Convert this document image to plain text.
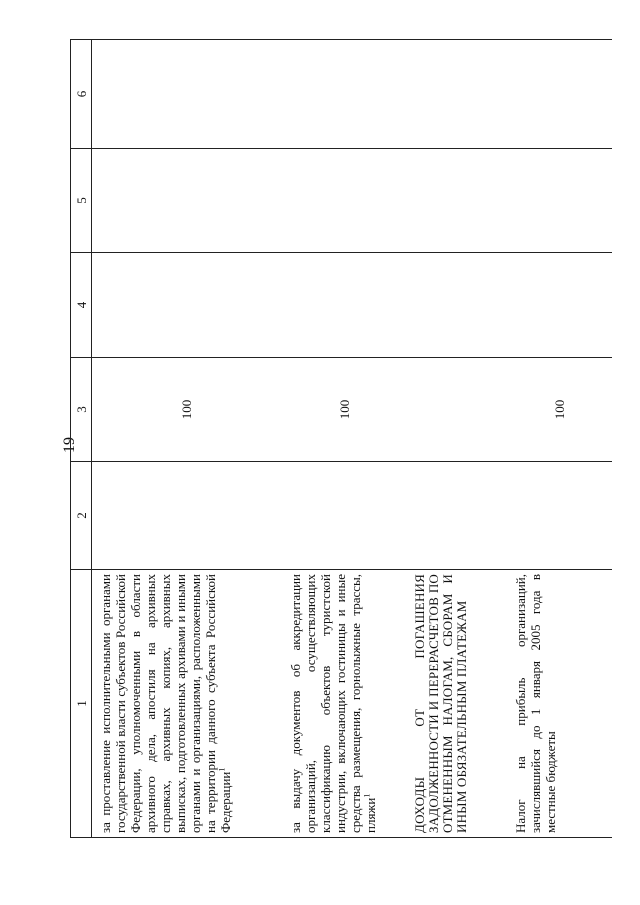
19
1	2	3	4	5	6

за проставление исполнительными органами государственной власти субъектов Российской Федерации, уполномоченными в области архивного дела, апостиля на архивных справках, архивных копиях, архивных выписках, подготовленных архивами и иными органами и организациями, расположенными на территории данного субъекта Российской Федерации$^1$		100			

за выдачу документов об аккредитации организаций, осуществляющих классификацию объектов туристской индустрии, включающих гостиницы и иные средства размещения, горнолыжные трассы, пляжи$^1$		100			

ДОХОДЫ ОТ ПОГАШЕНИЯ ЗАДОЛЖЕННОСТИ И ПЕРЕРАСЧЕТОВ ПО ОТМЕНЕННЫМ НАЛОГАМ, СБОРАМ И ИНЫМ ОБЯЗАТЕЛЬНЫМ ПЛАТЕЖАМ					

Налог на прибыль организаций, зачислявшийся до 1 января 2005 года в местные бюджеты		100			
